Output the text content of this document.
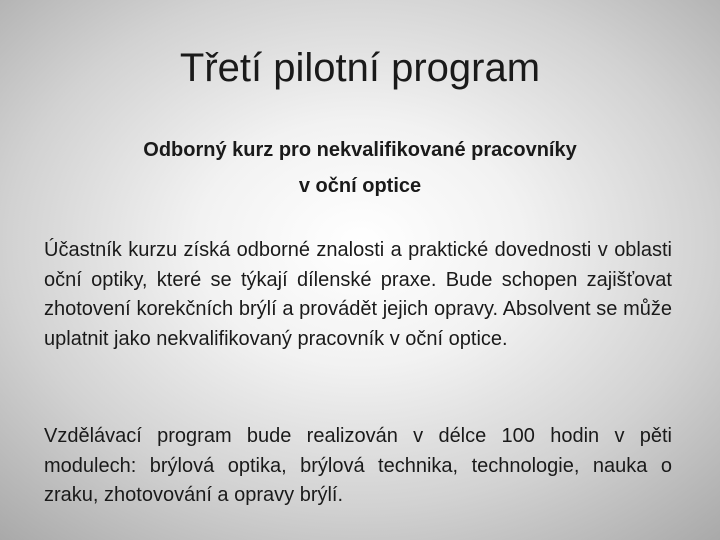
Třetí pilotní program
Odborný kurz pro nekvalifikované pracovníky
v oční optice

Účastník kurzu získá odborné znalosti a praktické dovednosti v oblasti oční optiky, které se týkají dílenské praxe. Bude schopen zajišťovat zhotovení korekčních brýlí a provádět jejich opravy. Absolvent se může uplatnit jako nekvalifikovaný pracovník v oční optice.

Vzdělávací program bude realizován v délce 100 hodin v pěti modulech: brýlová optika, brýlová technika, technologie, nauka o zraku, zhotovování a opravy brýlí.
